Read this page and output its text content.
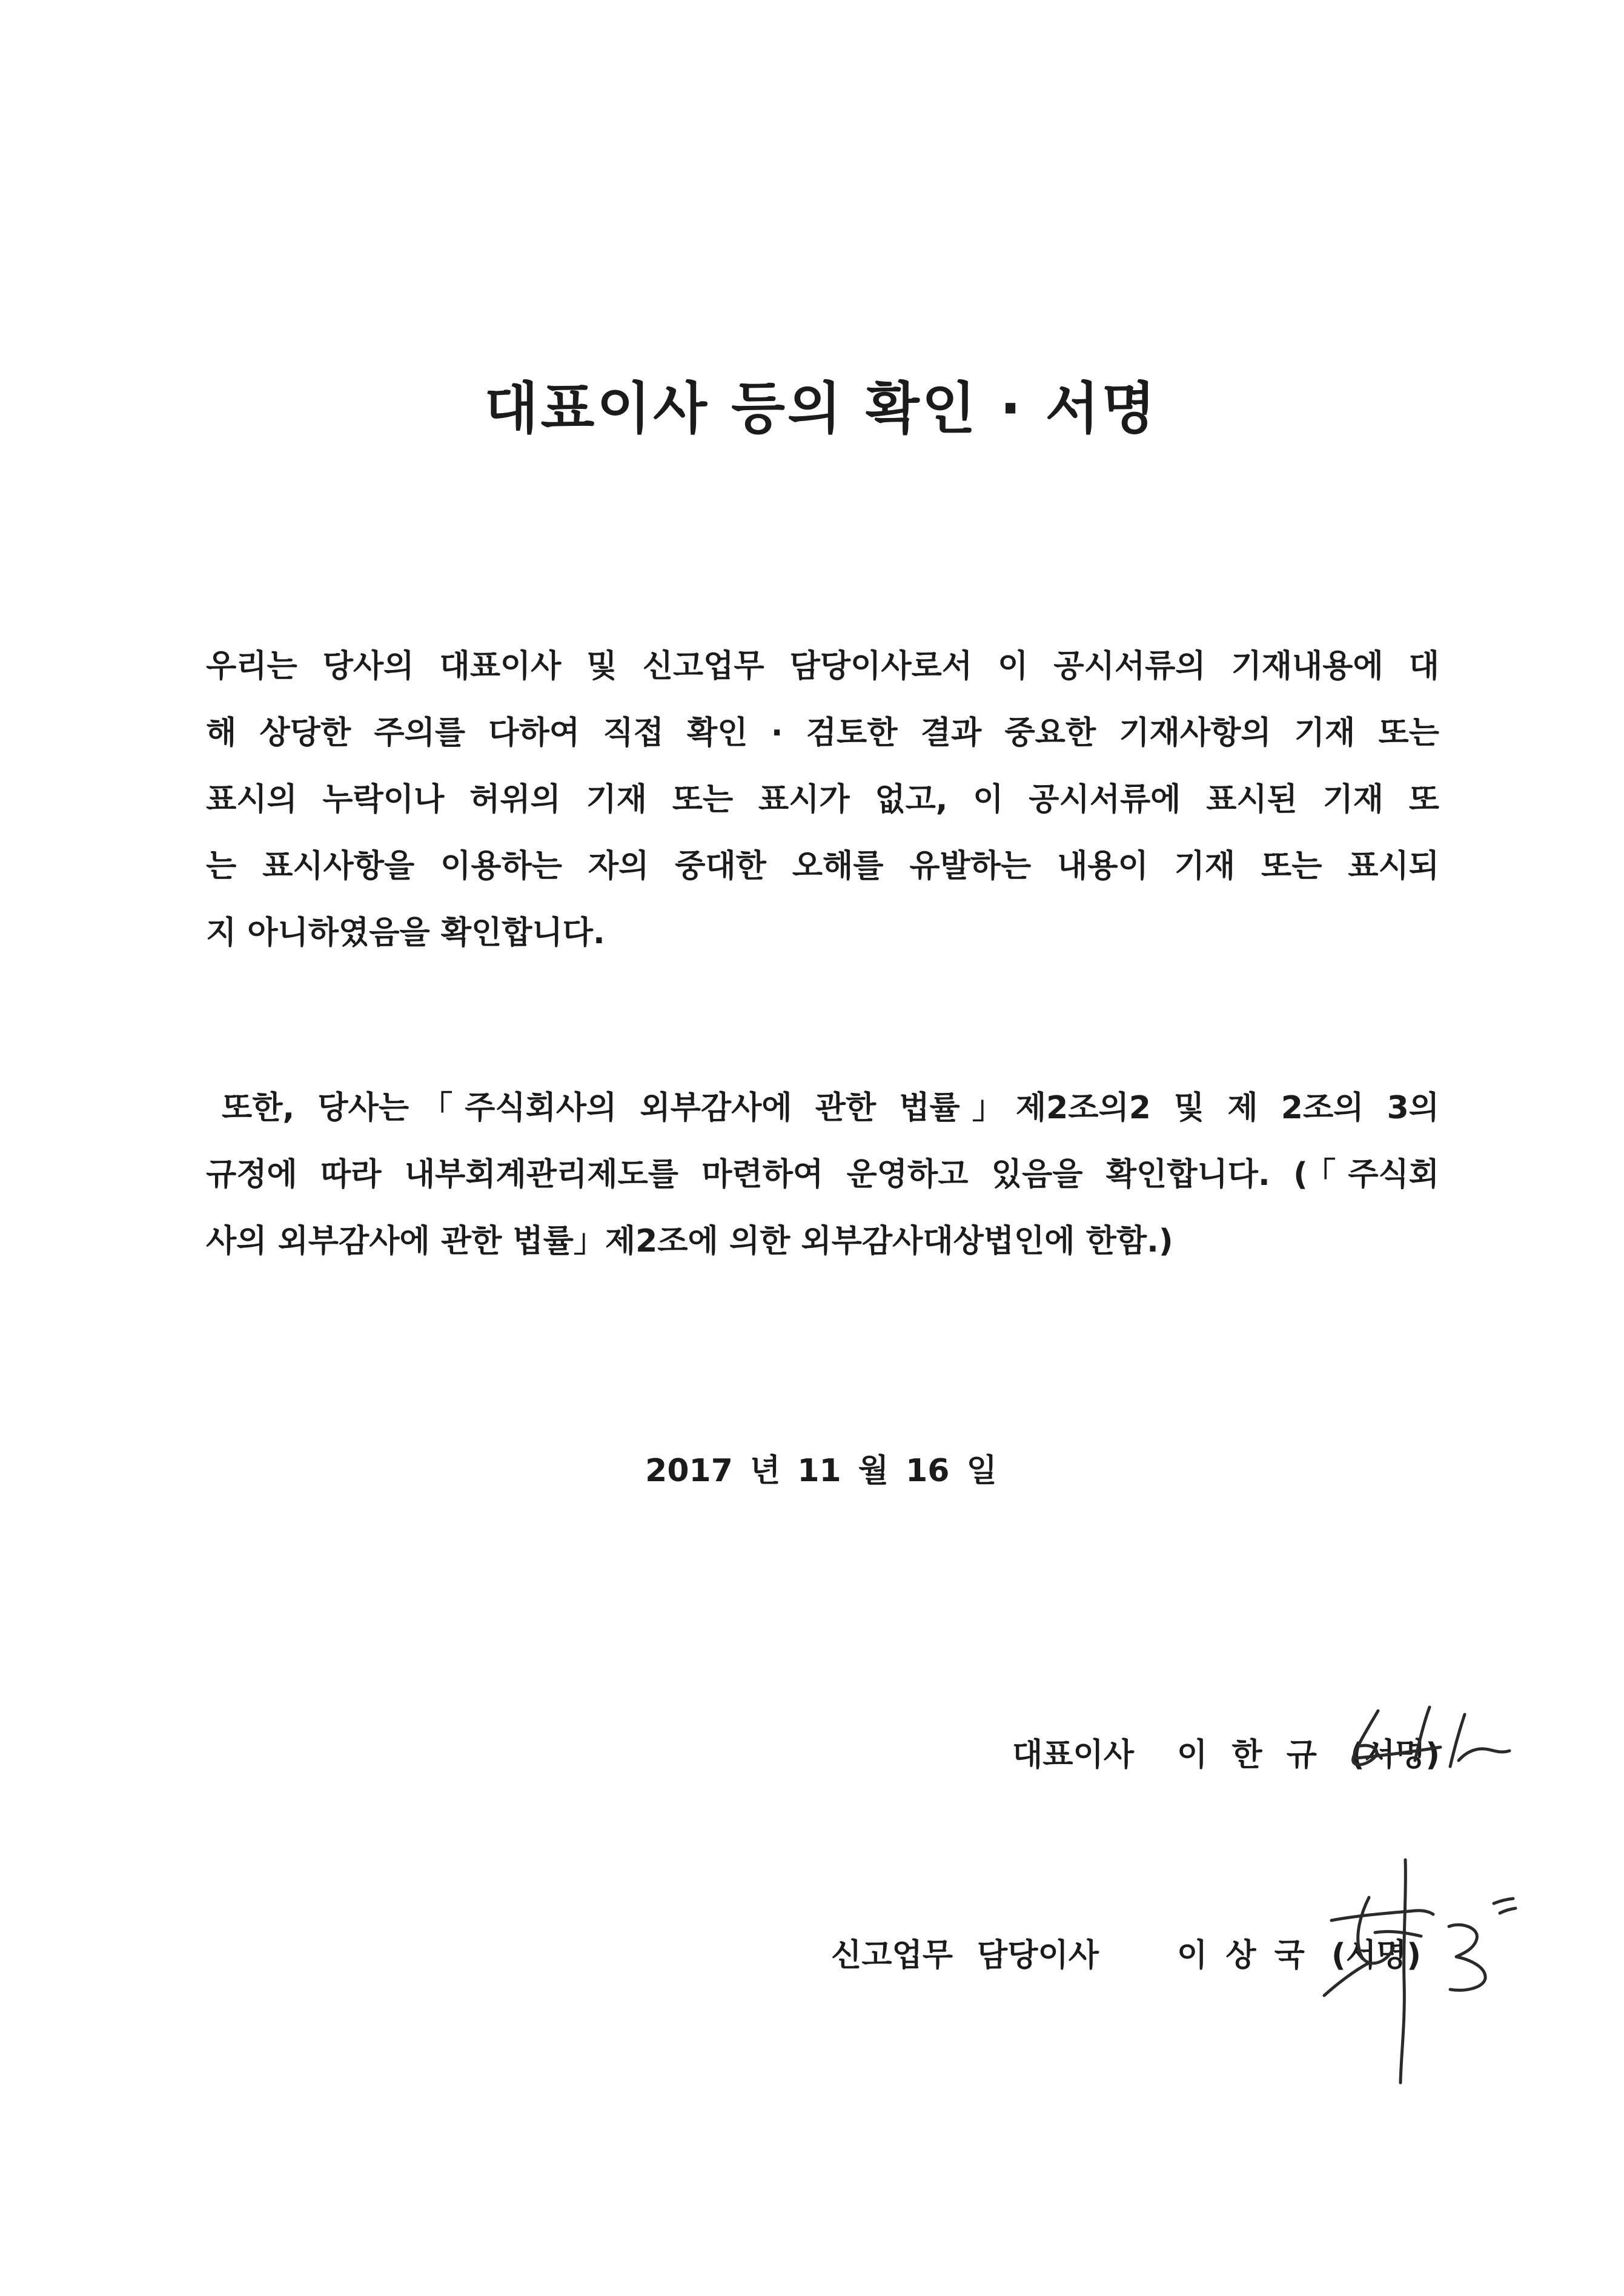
대표이사 등의 확인 · 서명
우리는 당사의 대표이사 및 신고업무 담당이사로서 이 공시서류의 기재내용에 대
해 상당한 주의를 다하여 직접 확인 · 검토한 결과 중요한 기재사항의 기재 또는
표시의 누락이나 허위의 기재 또는 표시가 없고, 이 공시서류에 표시된 기재 또
는 표시사항을 이용하는 자의 중대한 오해를 유발하는 내용이 기재 또는 표시되
지 아니하였음을 확인합니다.
또한, 당사는「주식회사의 외부감사에 관한 법률」제2조의2 및 제 2조의 3의
규정에 따라 내부회계관리제도를 마련하여 운영하고 있음을 확인합니다. (「주식회
사의 외부감사에 관한 법률」제2조에 의한 외부감사대상법인에 한함.)
2017 년 11 월 16 일
대표이사 이 한 규 (서명)
신고업무 담당이사 이 상 국 (서명)
